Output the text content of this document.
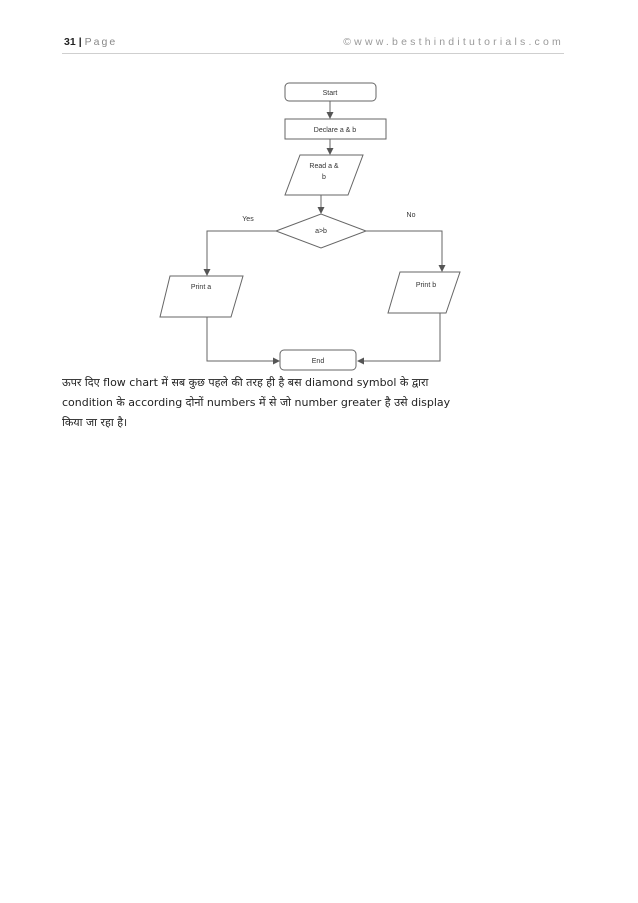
31 | Page	©www.besthinditutorials.com
Start
Declare a & b
Read a &
b
a>b
Yes
No
Print a	Print b
End

ऊपर दिए flow chart में सब कुछ पहले की तरह ही है बस diamond symbol के द्वारा

condition के according दोनों numbers में से जो number greater है उसे display

किया जा रहा है।
